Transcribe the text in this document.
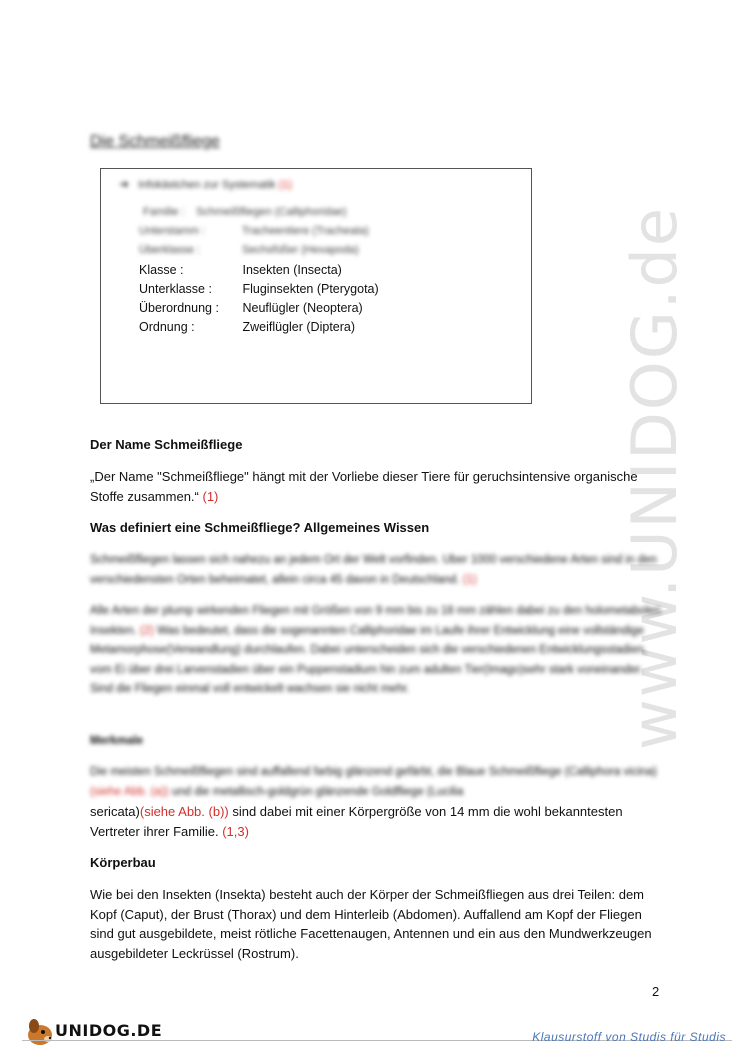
www.UNIDOG.de
Die Schmeißfliege
➜ Infokästchen zur Systematik (1)
Familie : Schmeißfliegen (Calliphoridae)
Unterstamm :	Tracheentiere (Tracheata)
Überklasse :	Sechsfüßer (Hexapoda)
Klasse :	Insekten (Insecta)
Unterklasse : Fluginsekten (Pterygota)
Überordnung : Neuflügler (Neoptera)
Ordnung :	Zweiflügler (Diptera)
Der Name Schmeißfliege
„Der Name "Schmeißfliege" hängt mit der Vorliebe dieser Tiere für geruchsintensive organische Stoffe zusammen.“ (1)
Was definiert eine Schmeißfliege? Allgemeines Wissen
Schmeißfliegen lassen sich nahezu an jedem Ort der Welt vorfinden. Über 1000 verschiedene Arten sind in den verschiedensten Orten beheimatet, allein circa 45 davon in Deutschland. (1)
Alle Arten der plump wirkenden Fliegen mit Größen von 9 mm bis zu 18 mm zählen dabei zu den holometabolen Insekten. (2) Was bedeutet, dass die sogenannten Calliphoridae im Laufe ihrer Entwicklung eine vollständige Metamorphose(Verwandlung) durchlaufen. Dabei unterscheiden sich die verschiedenen Entwicklungsstadien, vom Ei über drei Larvenstadien über ein Puppenstadium hin zum adulten Tier(Imago)sehr stark voneinander. Sind die Fliegen einmal voll entwickelt wachsen sie nicht mehr.
Merkmale
Die meisten Schmeißfliegen sind auffallend farbig glänzend gefärbt, die Blaue Schmeißfliege (Calliphora vicina)(siehe Abb. (a)) und die metallisch-goldgrün glänzende Goldfliege (Lucilia
sericata)(siehe Abb. (b)) sind dabei mit einer Körpergröße von 14 mm die wohl bekanntesten Vertreter ihrer Familie. (1,3)
Körperbau
Wie bei den Insekten (Insekta) besteht auch der Körper der Schmeißfliegen aus drei Teilen: dem Kopf (Caput), der Brust (Thorax) und dem Hinterleib (Abdomen). Auffallend am Kopf der Fliegen sind gut ausgebildete, meist rötliche Facettenaugen, Antennen und ein aus den Mundwerkzeugen ausgebildeter Leckrüssel (Rostrum).
2
UNIDOG.DE	Klausurstoff von Studis für Studis
